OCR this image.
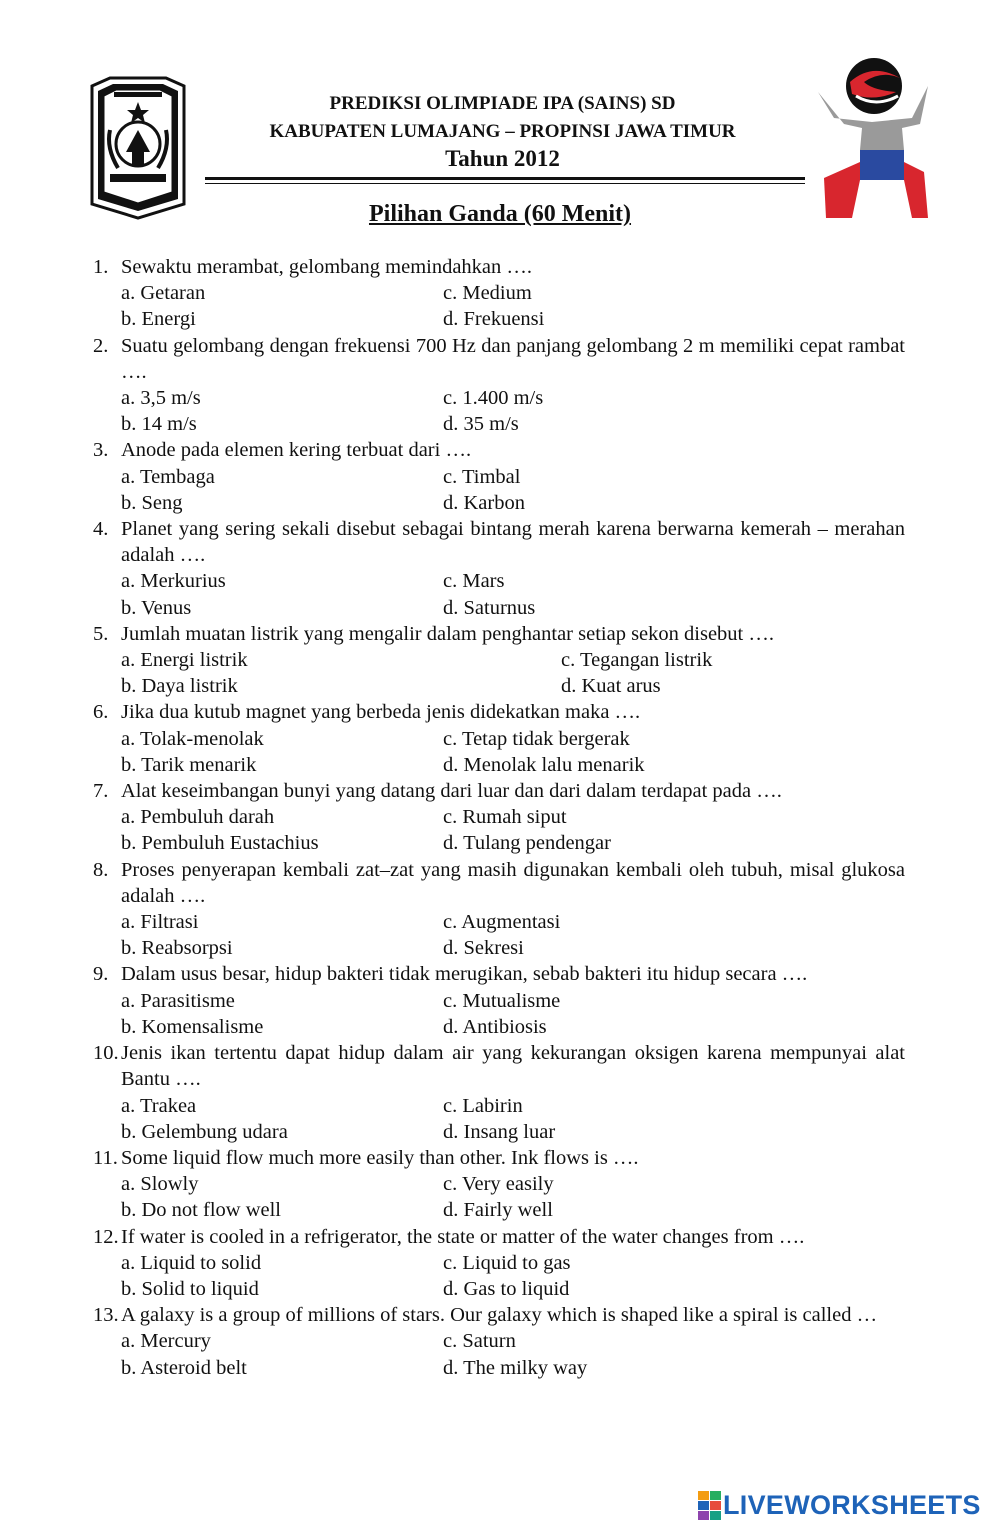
PREDIKSI OLIMPIADE IPA (SAINS) SD
KABUPATEN LUMAJANG – PROPINSI JAWA TIMUR
Tahun 2012
Pilihan Ganda (60 Menit)
1. Sewaktu merambat, gelombang memindahkan ….
a. Getaran	c. Medium
b. Energi	d. Frekuensi
2. Suatu gelombang dengan frekuensi 700 Hz dan panjang gelombang 2 m memiliki cepat rambat ….
a. 3,5 m/s	c. 1.400 m/s
b. 14 m/s	d. 35 m/s
3. Anode pada elemen kering terbuat dari ….
a. Tembaga	c. Timbal
b. Seng	d. Karbon
4. Planet yang sering sekali disebut sebagai bintang merah karena berwarna kemerah – merahan adalah ….
a. Merkurius	c. Mars
b. Venus	d. Saturnus
5. Jumlah muatan listrik yang mengalir dalam penghantar setiap sekon disebut ….
a. Energi listrik	c. Tegangan listrik
b. Daya listrik	d. Kuat arus
6. Jika dua kutub magnet yang berbeda jenis didekatkan maka ….
a. Tolak-menolak	c. Tetap tidak bergerak
b. Tarik menarik	d. Menolak lalu menarik
7. Alat keseimbangan bunyi yang datang dari luar dan dari dalam terdapat pada ….
a. Pembuluh darah	c. Rumah siput
b. Pembuluh Eustachius	d. Tulang pendengar
8. Proses penyerapan kembali zat–zat yang masih digunakan kembali oleh tubuh, misal glukosa adalah ….
a. Filtrasi	c. Augmentasi
b. Reabsorpsi	d. Sekresi
9. Dalam usus besar, hidup bakteri tidak merugikan, sebab bakteri itu hidup secara ….
a. Parasitisme	c. Mutualisme
b. Komensalisme	d. Antibiosis
10. Jenis ikan tertentu dapat hidup dalam air yang kekurangan oksigen karena mempunyai alat Bantu ….
a. Trakea	c. Labirin
b. Gelembung udara	d. Insang luar
11. Some liquid flow much more easily than other. Ink flows is ….
a. Slowly	c. Very easily
b. Do not flow well	d. Fairly well
12. If water is cooled in a refrigerator, the state or matter of the water changes from ….
a. Liquid to solid	c. Liquid to gas
b. Solid to liquid	d. Gas to liquid
13. A galaxy is a group of millions of stars. Our galaxy which is shaped like a spiral is called …
a. Mercury	c. Saturn
b. Asteroid belt	d. The milky way
LIVEWORKSHEETS
